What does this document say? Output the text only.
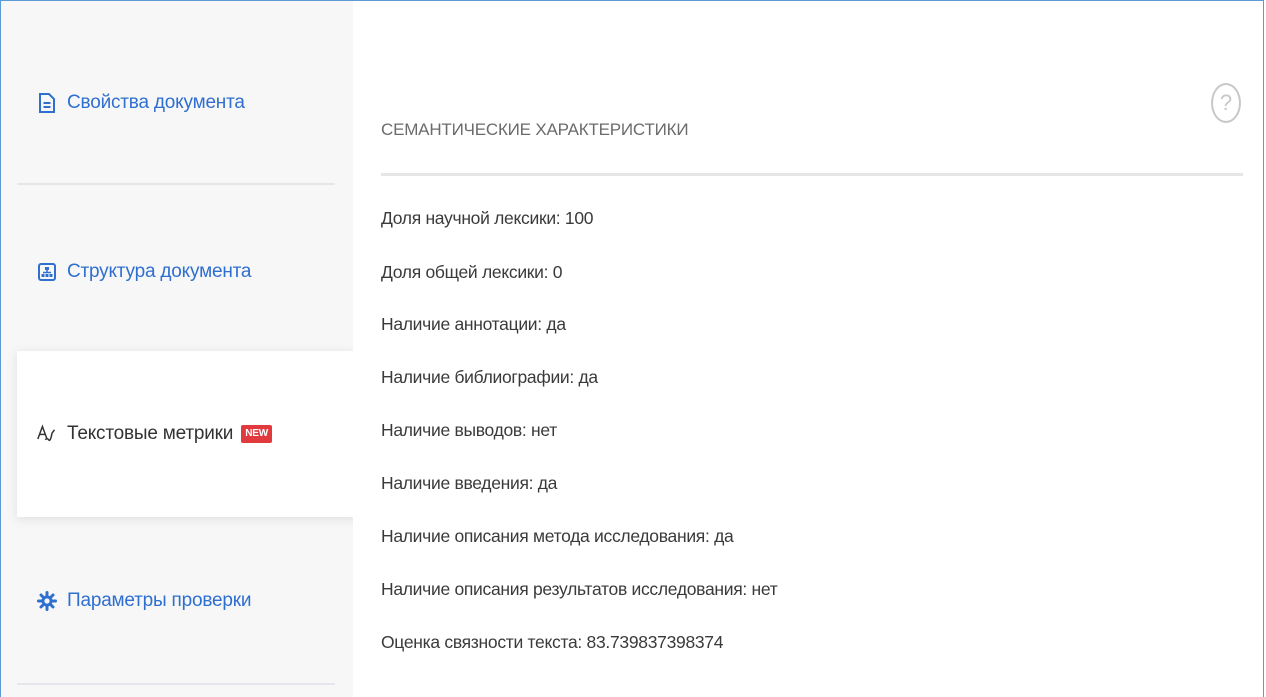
Свойства документа
Структура документа
Текстовые метрики	NEW
Параметры проверки
СЕМАНТИЧЕСКИЕ ХАРАКТЕРИСТИКИ
?
Доля научной лексики: 100
Доля общей лексики: 0
Наличие аннотации: да
Наличие библиографии: да
Наличие выводов: нет
Наличие введения: да
Наличие описания метода исследования: да
Наличие описания результатов исследования: нет
Оценка связности текста: 83.739837398374
